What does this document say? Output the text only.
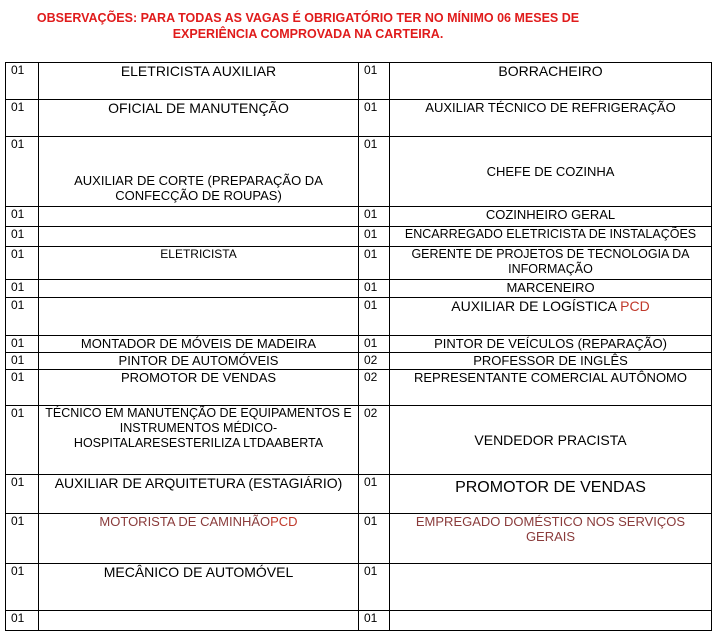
OBSERVAÇÕES: PARA TODAS AS VAGAS É OBRIGATÓRIO TER NO MÍNIMO 06 MESES DE
EXPERIÊNCIA COMPROVADA NA CARTEIRA.
01	ELETRICISTA AUXILIAR	01	BORRACHEIRO
01	OFICIAL DE MANUTENÇÃO	01	AUXILIAR TÉCNICO DE REFRIGERAÇÃO
01	AUXILIAR DE CORTE (PREPARAÇÃO DA CONFECÇÃO DE ROUPAS)	01	CHEFE DE COZINHA
01		01	COZINHEIRO GERAL
01		01	ENCARREGADO ELETRICISTA DE INSTALAÇÕES
01	ELETRICISTA	01	GERENTE DE PROJETOS DE TECNOLOGIA DA INFORMAÇÃO
01		01	MARCENEIRO
01		01	AUXILIAR DE LOGÍSTICA PCD
01	MONTADOR DE MÓVEIS DE MADEIRA	01	PINTOR DE VEÍCULOS (REPARAÇÃO)
01	PINTOR DE AUTOMÓVEIS	02	PROFESSOR DE INGLÊS
01	PROMOTOR DE VENDAS	02	REPRESENTANTE COMERCIAL AUTÔNOMO
01	TÉCNICO EM MANUTENÇÃO DE EQUIPAMENTOS E INSTRUMENTOS MÉDICO-HOSPITALARESESTERILIZA LTDAABERTA	02	VENDEDOR PRACISTA
01	AUXILIAR DE ARQUITETURA (ESTAGIÁRIO)	01	PROMOTOR DE VENDAS
01	MOTORISTA DE CAMINHÃOPCD	01	EMPREGADO DOMÉSTICO NOS SERVIÇOS GERAIS
01	MECÂNICO DE AUTOMÓVEL	01	
01		01	
